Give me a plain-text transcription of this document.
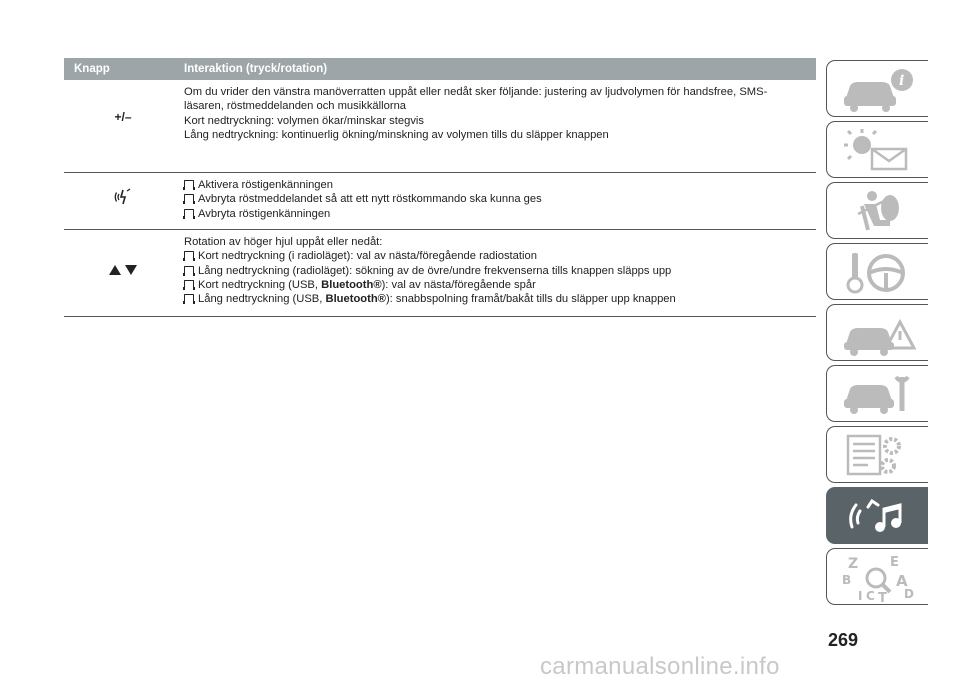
Knapp	Interaktion (tryck/rotation)
+/–
Om du vrider den vänstra manöverratten uppåt eller nedåt sker följande: justering av ljudvolymen för handsfree, SMS-
läsaren, röstmeddelanden och musikkällorna
Kort nedtryckning: volymen ökar/minskar stegvis
Lång nedtryckning: kontinuerlig ökning/minskning av volymen tills du släpper knappen
Aktivera röstigenkänningen
Avbryta röstmeddelandet så att ett nytt röstkommando ska kunna ges
Avbryta röstigenkänningen
Rotation av höger hjul uppåt eller nedåt:
Kort nedtryckning (i radioläget): val av nästa/föregående radiostation
Lång nedtryckning (radioläget): sökning av de övre/undre frekvenserna tills knappen släpps upp
Kort nedtryckning (USB, Bluetooth®): val av nästa/föregående spår
Lång nedtryckning (USB, Bluetooth®): snabbspolning framåt/bakåt tills du släpper upp knappen
i
Z E
B	A
I C T D
269
carmanualsonline.info
